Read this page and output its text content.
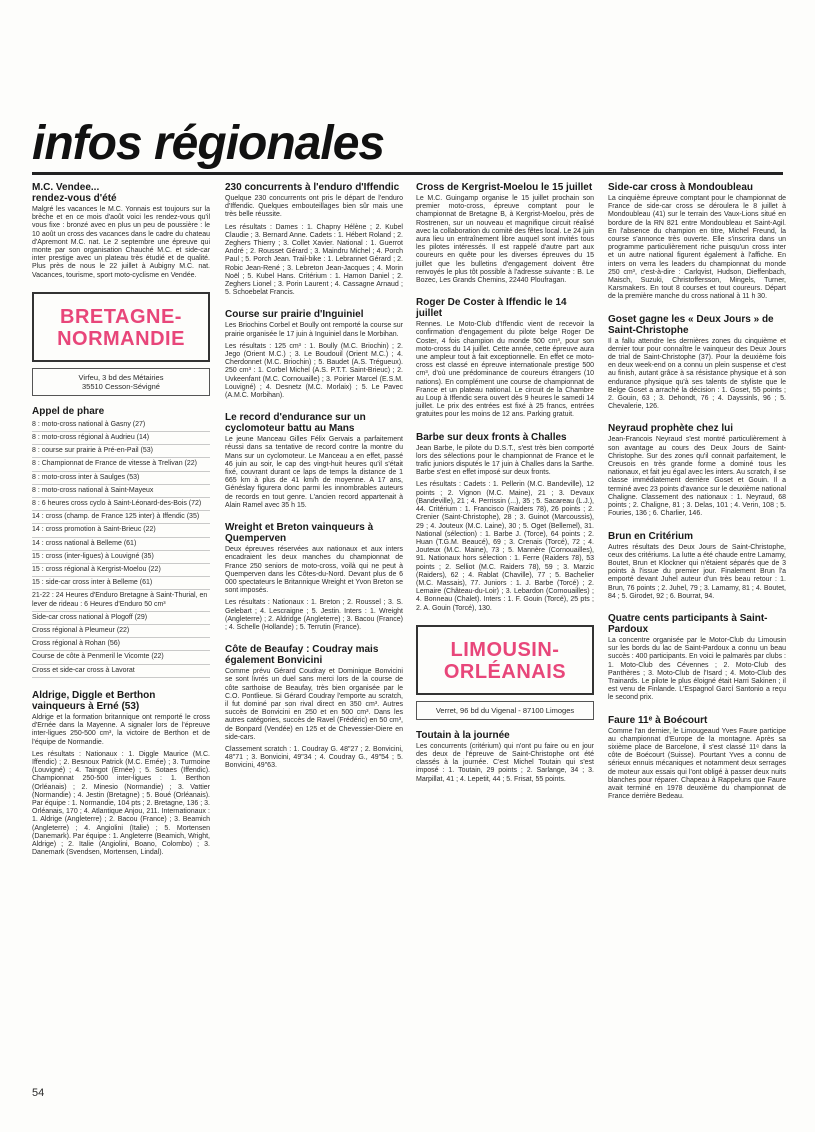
infos régionales
M.C. Vendee...
rendez-vous d'été

Malgré les vacances le M.C. Yonnais est toujours sur la brèche et en ce mois d'août voici les rendez-vous qu'il vous fixe : bronzé avec en plus un peu de poussière : le 10 août un cross des vacances dans le cadre du chateau d'Apremont M.C. nat. Le 2 septembre une épreuve qui monte par son organisation Chauché M.C. et side-car inter prestige avec un plateau très étudié et de qualité. Plus près de nous le 22 juillet à Aubigny M.C. nat. Vacances, tourisme, sport moto-cyclisme en Vendée.

BRETAGNE-
NORMANDIE
Virfeu, 3 bd des Métairies
35510 Cesson-Sévigné
Appel de phare
8 : moto-cross national à Gasny (27)
8 : moto-cross régional à Audrieu (14)
8 : course sur prairie à Pré-en-Pail (53)
8 : Championnat de France de vitesse à Trelivan (22)
8 : moto-cross inter à Saulges (53)
8 : moto-cross national à Saint-Mayeux
8 : 6 heures cross cyclo à Saint-Léonard-des-Bois (72)
14 : cross (champ. de France 125 inter) à Iffendic (35)
14 : cross promotion à Saint-Brieuc (22)
14 : cross national à Belleme (61)
15 : cross (inter-ligues) à Louvigné (35)
15 : cross régional à Kergrist-Moelou (22)
15 : side-car cross inter à Belleme (61)
21-22 : 24 Heures d'Enduro Bretagne à Saint-Thurial, en lever de rideau : 6 Heures d'Enduro 50 cm³
Side-car cross national à Plogoff (29)
Cross régional à Pleumeur (22)
Cross régional à Rohan (56)
Course de côte à Penmeril le Vicomte (22)
Cross et side-car cross à Lavorat
Aldrige, Diggle et Berthon vainqueurs à Erné (53)

Aldrige et la formation britannique ont remporté le cross d'Ernée dans la Mayenne. A signaler lors de l'épreuve inter-ligues 250-500 cm³, la victoire de Berthon et de l'équipe de Normandie.

Les résultats : Nationaux : 1. Diggle Maurice (M.C. Iffendic) ; 2. Besnoux Patrick (M.C. Ernée) ; 3. Turmoine (Louvigné) ; 4. Taingot (Ernée) ; 5. Sotaes (Iffendic). Championnat 250-500 inter-ligues : 1. Berthon (Orléanais) ; 2. Minesio (Normandie) ; 3. Vattier (Normandie) ; 4. Jestin (Bretagne) ; 5. Boué (Orléanais). Par équipe : 1. Normandie, 104 pts ; 2. Bretagne, 136 ; 3. Orléanais, 170 ; 4. Atlantique Anjou, 211. Internationaux : 1. Aldrige (Angleterre) ; 2. Bacou (France) ; 3. Beamich (Angleterre) ; 4. Angiolini (Italie) ; 5. Mortensen (Danemark). Par équipe : 1. Angleterre (Beamich, Wright, Aldrige) ; 2. Italie (Angiolini, Boano, Colombo) ; 3. Danemark (Svendsen, Mortensen, Lindal).

230 concurrents à l'enduro d'Iffendic

Quelque 230 concurrents ont pris le départ de l'enduro d'Iffendic. Quelques embouteillages bien sûr mais une très belle réussite.

Les résultats : Dames : 1. Chapny Hélène ; 2. Kubel Claudie ; 3. Bernard Anne. Cadets : 1. Hébert Roland ; 2. Zeghers Thierry ; 3. Collet Xavier. National : 1. Guerrot André ; 2. Rousset Gérard ; 3. Maindru Michel ; 4. Porch Paul ; 5. Porch Jean. Trail-bike : 1. Lebrannet Gérard ; 2. Robic Jean-René ; 3. Lebreton Jean-Jacques ; 4. Morin Noël ; 5. Kubel Hans. Critérium : 1. Hamon Daniel ; 2. Zeghers Lionel ; 3. Porin Laurent ; 4. Cassagne Arnaud ; 5. Schoebelat Francis.

Course sur prairie d'Inguiniel

Les Briochins Corbel et Boully ont remporté la course sur prairie organisée le 17 juin à Inguiniel dans le Morbihan.

Les résultats : 125 cm³ : 1. Boully (M.C. Briochin) ; 2. Jego (Orient M.C.) ; 3. Le Boudouil (Orient M.C.) ; 4. Cherdonnet (M.C. Briochin) ; 5. Baudet (A.S. Trégueux). 250 cm³ : 1. Corbel Michel (A.S. P.T.T. Saint-Brieuc) ; 2. Uvkeenfant (M.C. Cornouaille) ; 3. Poirier Marcel (E.S.M. Louvigné) ; 4. Desnetz (M.C. Morlaix) ; 5. Le Pavec (A.M.C. Morbihan).

Le record d'endurance sur un cyclomoteur battu au Mans

Le jeune Manceau Gilles Félix Gervais a parfaitement réussi dans sa tentative de record contre la montre du Mans sur un cyclomoteur. Le Manceau a en effet, passé 46 juin au soir, le cap des vingt-huit heures qu'il s'était fixé, couvrant durant ce laps de temps la distance de 1 665 km à plus de 41 km/h de moyenne. A 17 ans, Généslay figurera donc parmi les innombrables auteurs de records en tout genre. L'ancien record appartenait à Alain Ramel avec 35 h 15.

Wreight et Breton vainqueurs à Quemperven

Deux épreuves réservées aux nationaux et aux inters encadraient les deux manches du championnat de France 250 seniors de moto-cross, voilà qui ne peut à Quemperven dans les Côtes-du-Nord. Devant plus de 6 000 spectateurs le Britannique Wreight et Yvon Breton se sont imposés.

Les résultats : Nationaux : 1. Breton ; 2. Roussel ; 3. S. Gelebart ; 4. Lescraigne ; 5. Jestin. Inters : 1. Wreight (Angleterre) ; 2. Aldridge (Angleterre) ; 3. Bacou (France) ; 4. Schelle (Hollande) ; 5. Terrutin (France).

Côte de Beaufay : Coudray mais également Bonvicini

Comme prévu Gérard Coudray et Dominique Bonvicini se sont livrés un duel sans merci lors de la course de côte sarthoise de Beaufay, très bien organisée par le C.O. Pontlieue. Si Gérard Coudray l'emporte au scratch, il fut dominé par son rival direct en 350 cm³. Autres succès de Bonvicini en 250 et en 500 cm³. Dans les autres catégories, succès de Ravel (Frédéric) en 50 cm³, de Bonpard (Vendée) en 125 et de Chevessier-Diere en side-cars.

Classement scratch : 1. Coudray G. 48"27 ; 2. Bonvicini, 48"71 ; 3. Bonvicini, 49"34 ; 4. Coudray G., 49"54 ; 5. Bonvicini, 49"63.

Cross de Kergrist-Moelou le 15 juillet

Le M.C. Guingamp organise le 15 juillet prochain son premier moto-cross, épreuve comptant pour le championnat de Bretagne B, à Kergrist-Moelou, près de Rostrenen, sur un nouveau et magnifique circuit réalisé avec la collaboration du comité des fêtes local. Le 24 juin aura lieu un entraînement libre auquel sont invités tous les pilotes intéressés. Il est rappelé d'autre part aux coureurs en quête pour les diverses épreuves du 15 juillet que les bulletins d'engagement doivent être renvoyés le plus tôt possible à l'adresse suivante : B. Le Bozec, Les Grands Chemins, 22440 Ploufragan.

Roger De Coster à Iffendic le 14 juillet

Rennes. Le Moto-Club d'Iffendic vient de recevoir la confirmation d'engagement du pilote belge Roger De Coster, 4 fois champion du monde 500 cm³, pour son moto-cross du 14 juillet. Cette année, cette épreuve aura une ampleur tout à fait exceptionnelle. En effet ce moto-cross est classé en épreuve internationale prestige 500 cm³, d'où une prédominance de coureurs étrangers (10 nations). En complément une course de championnat de France et un plateau national. Le circuit de la Chambre au Loup à Iffendic sera ouvert dès 9 heures le samedi 14 juillet. Le prix des entrées est fixé à 25 francs, entrées gratuites pour les moins de 12 ans. Parking gratuit.

Barbe sur deux fronts à Challes

Jean Barbe, le pilote du D.S.T., s'est très bien comporté lors des sélections pour le championnat de France et le trafic juniors disputés le 17 juin à Challes dans la Sarthe. Barbe s'est en effet imposé sur deux fronts.

Les résultats : Cadets : 1. Pellerin (M.C. Bandeville), 12 points ; 2. Vignon (M.C. Maine), 21 ; 3. Devaux (Bandeville), 21 ; 4. Perrissin (...), 35 ; 5. Sacareau (L.J.), 44. Critérium : 1. Francisco (Raiders 78), 26 points ; 2. Crenier (Saint-Christophe), 28 ; 3. Guinot (Marcoussis), 29 ; 4. Jouteux (M.C. Laine), 30 ; 5. Oget (Bellemel), 31. National (sélection) : 1. Barbe J. (Torce), 64 points ; 2. Huan (T.G.M. Beaucé), 69 ; 3. Crenais (Torcé), 72 ; 4. Jouteux (M.C. Maine), 73 ; 5. Mannère (Cornouailles), 91. Nationaux hors sélection : 1. Ferre (Raiders 78), 53 points ; 2. Selliot (M.C. Raiders 78), 59 ; 3. Marzic (Raiders), 62 ; 4. Rablat (Chaville), 77 ; 5. Bachelier (M.C. Massais), 77. Juniors : 1. J. Barbe (Torcé) ; 2. Lemaire (Château-du-Loir) ; 3. Lebardon (Cornouailles) ; 4. Bonneau (Chalet). Inters : 1. F. Gouin (Torcé), 25 pts ; 2. A. Gouin (Torcé), 130.

LIMOUSIN-
ORLÉANAIS
Verret, 96 bd du Vigenal - 87100 Limoges
Toutain à la journée

Les concurrents (critérium) qui n'ont pu faire ou en jour des deux de l'épreuve de Saint-Christophe ont été classés à la journée. C'est Michel Toutain qui s'est imposé : 1. Toutain, 29 points ; 2. Sarlange, 34 ; 3. Marpillat, 41 ; 4. Lepetit, 44 ; 5. Frisat, 55 points.

Side-car cross à Mondoubleau

La cinquième épreuve comptant pour le championnat de France de side-car cross se déroulera le 8 juillet à Mondoubleau (41) sur le terrain des Vaux-Lions situé en bordure de la RN 821 entre Mondoubleau et Saint-Agil. En l'absence du champion en titre, Michel Freund, la course s'annonce très ouverte. Elle s'inscrira dans un programme particulièrement riche puisqu'un cross inter et un autre national figurent également à l'affiche. En inters on verra les leaders du championnat du monde 250 cm³, c'est-à-dire : Carlqvist, Hudson, Dieffenbach, Maisch, Suzuki, Christoffersson, Mingels, Turner, Karsmakers. En tout 8 courses et tout coureurs. Départ de la première manche du cross national à 11 h 30.

Goset gagne les « Deux Jours » de Saint-Christophe

Il a fallu attendre les dernières zones du cinquième et dernier tour pour connaître le vainqueur des Deux Jours de trial de Saint-Christophe (37). Pour la deuxième fois en deux week-end on a connu un plein suspense et c'est au finish, autant grâce à sa résistance physique et à son endurance physique qu'à ses talents de styliste que le Belge Goset a arraché la décision : 1. Goset, 55 points ; 2. Gouin, 63 ; 3. Dehondt, 76 ; 4. Dayssinls, 96 ; 5. Chevalerie, 126.

Neyraud prophète chez lui

Jean-Francois Neyraud s'est montré particulièrement à son avantage au cours des Deux Jours de Saint-Christophe. Sur des zones qu'il connait parfaitement, le Creusois en très grande forme a dominé tous les nationaux, et fait jeu égal avec les inters. Au scratch, il se classe immédiatement derrière Goset et Gouin. Il a terminé avec 23 points d'avance sur le deuxième national Chaligne. Classement des nationaux : 1. Neyraud, 68 points ; 2. Chaligne, 81 ; 3. Delas, 101 ; 4. Verin, 108 ; 5. Fouries, 136 ; 6. Charlier, 146.

Brun en Critérium

Autres résultats des Deux Jours de Saint-Christophe, ceux des critériums. La lutte a été chaude entre Lamamy, Boutet, Brun et Klockner qui n'étaient séparés que de 3 points à l'issue du premier jour. Finalement Brun l'a emporté devant Juhel auteur d'un très beau retour : 1. Brun, 76 points ; 2. Juhel, 79 ; 3. Lamamy, 81 ; 4. Boutet, 84 ; 5. Girodet, 92 ; 6. Bourrat, 94.

Quatre cents participants à Saint-Pardoux

La concentre organisée par le Motor-Club du Limousin sur les bords du lac de Saint-Pardoux a connu un beau succès : 400 participants. En voici le palmarès par clubs : 1. Moto-Club des Cévennes ; 2. Moto-Club des Panthères ; 3. Moto-Club de l'Isard ; 4. Moto-Club des Trainards. Le pilote le plus éloigné était Harri Sakinen ; il est venu de Finlande. L'Espagnol Garcí Santonio a reçu le second prix.

Faure 11ᵉ à Boécourt

Comme l'an dernier, le Limougeaud Yves Faure participe au championnat d'Europe de la montagne. Après sa sixième place de Barcelone, il s'est classé 11ᵉ dans la côte de Boécourt (Suisse). Pourtant Yves a connu de sérieux ennuis mécaniques et notamment deux serrages de moteur aux essais qui l'ont obligé à passer deux nuits blanches pour réparer. Chapeau à Rappeluns que Faure avait terminé en 1978 deuxième du championnat de France derrière Bedeau.

54
